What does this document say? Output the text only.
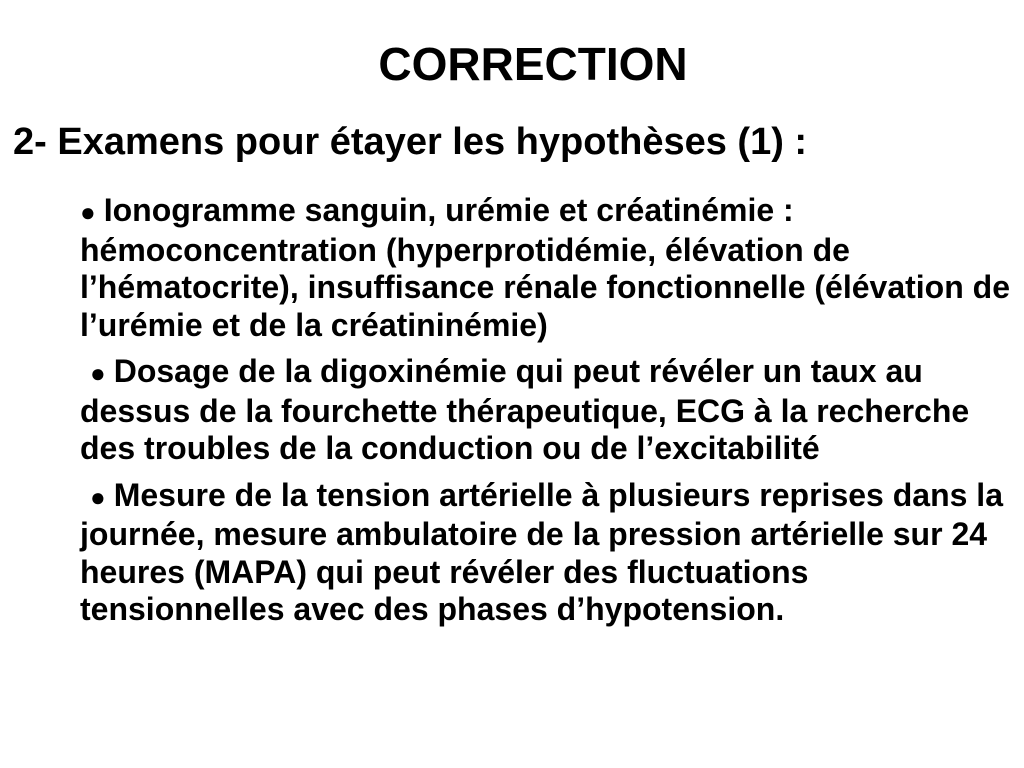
CORRECTION
2- Examens pour étayer les hypothèses (1) :
● Ionogramme sanguin, urémie et créatinémie : hémoconcentration (hyperprotidémie, élévation de l’hématocrite), insuffisance rénale fonctionnelle (élévation de l’urémie et de la créatininémie)
● Dosage de la digoxinémie qui peut révéler un taux au dessus de la fourchette thérapeutique, ECG à la recherche des troubles de la conduction ou de l’excitabilité
● Mesure de la tension artérielle à plusieurs reprises dans la journée, mesure ambulatoire de la pression artérielle sur 24 heures (MAPA) qui peut révéler des fluctuations tensionnelles avec des phases d’hypotension.
